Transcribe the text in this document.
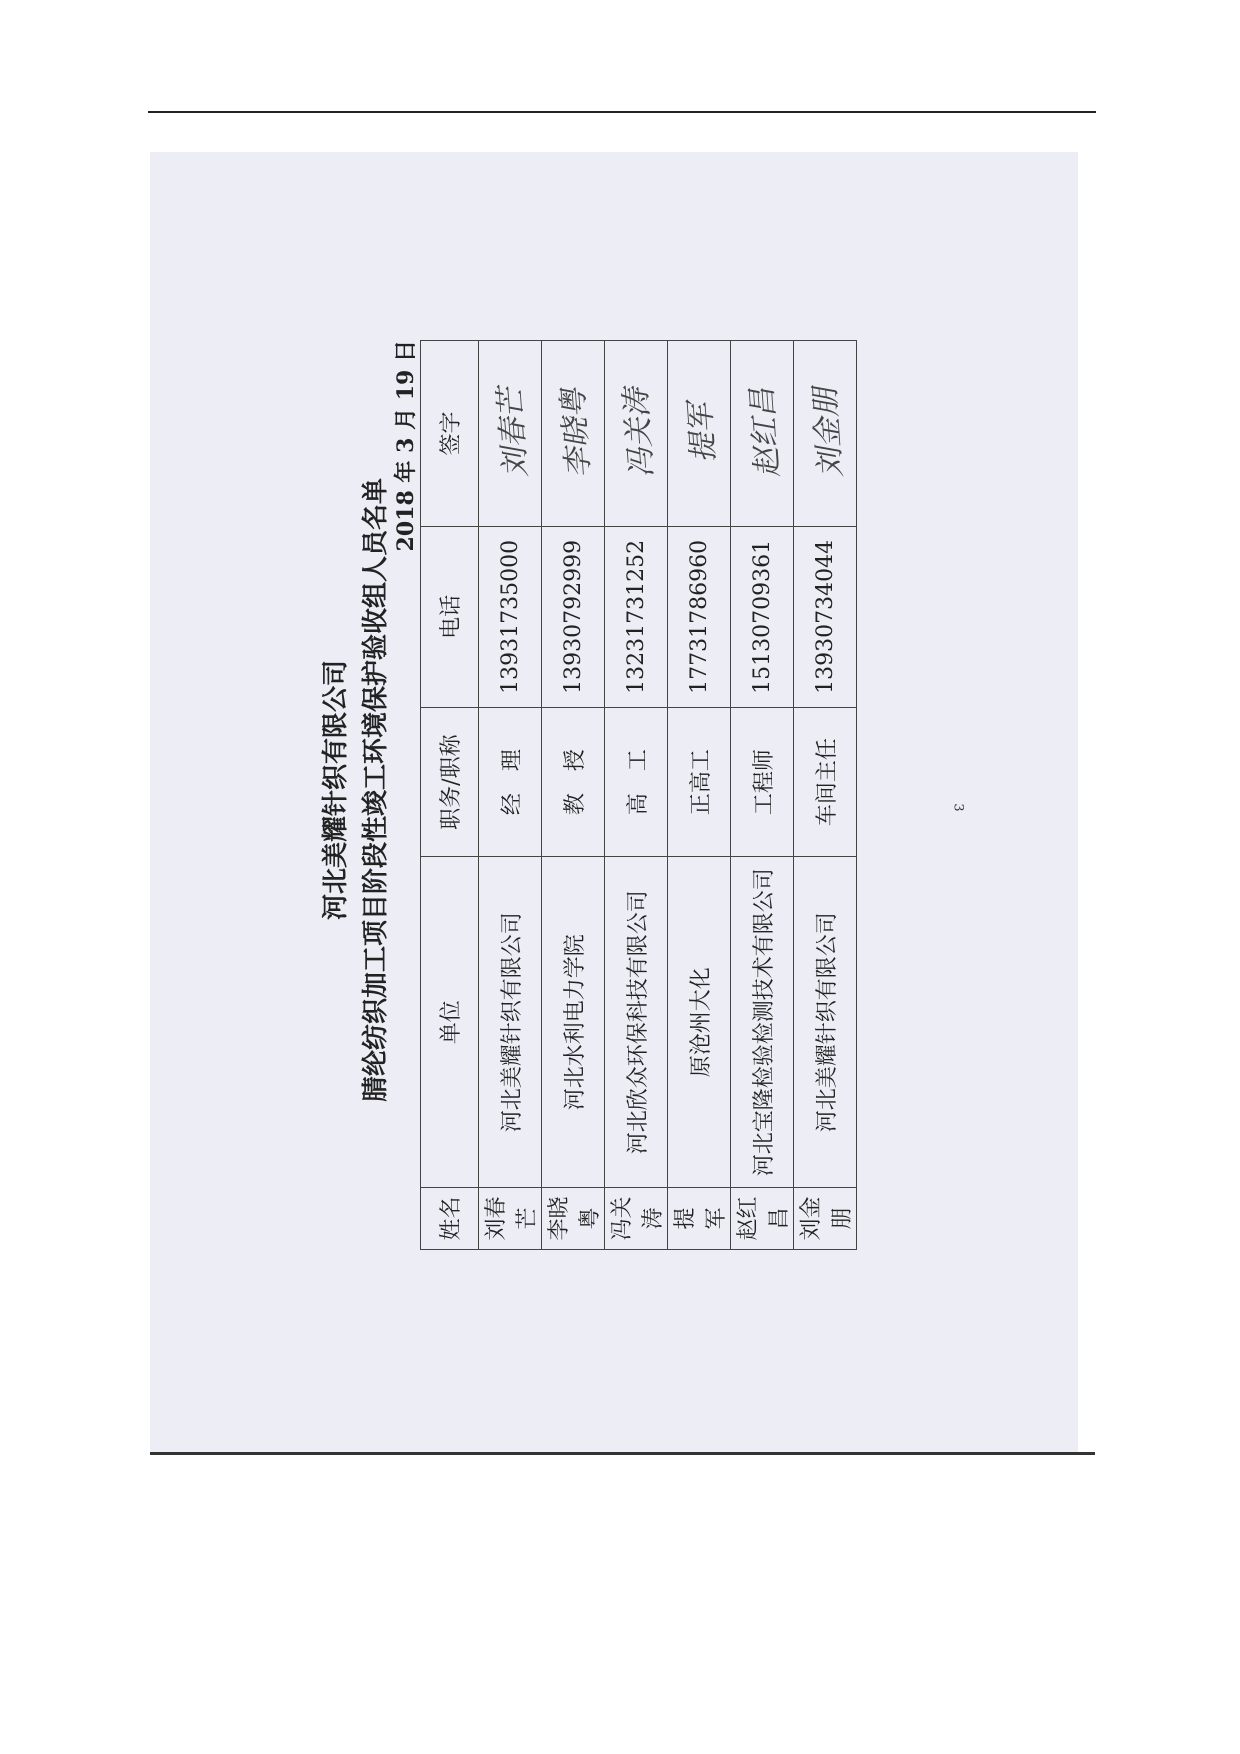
3
河北美耀针织有限公司 腈纶纺织加工项目阶段性竣工环境保护验收组人员名单
2018 年 3 月 19 日
姓名	单位	职务/职称	电话	签字
刘春芒	河北美耀针织有限公司	经　理	13931735000	刘春芒
李晓粤	河北水利电力学院	教　授	13930792999	李晓粤
冯关涛	河北欣众环保科技有限公司	高　工	13231731252	冯关涛
提　军	原沧州大化	正高工	17731786960	提军
赵红昌	河北宝隆检验检测技术有限公司	工程师	15130709361	赵红昌
刘金朋	河北美耀针织有限公司	车间主任	13930734044	刘金朋
